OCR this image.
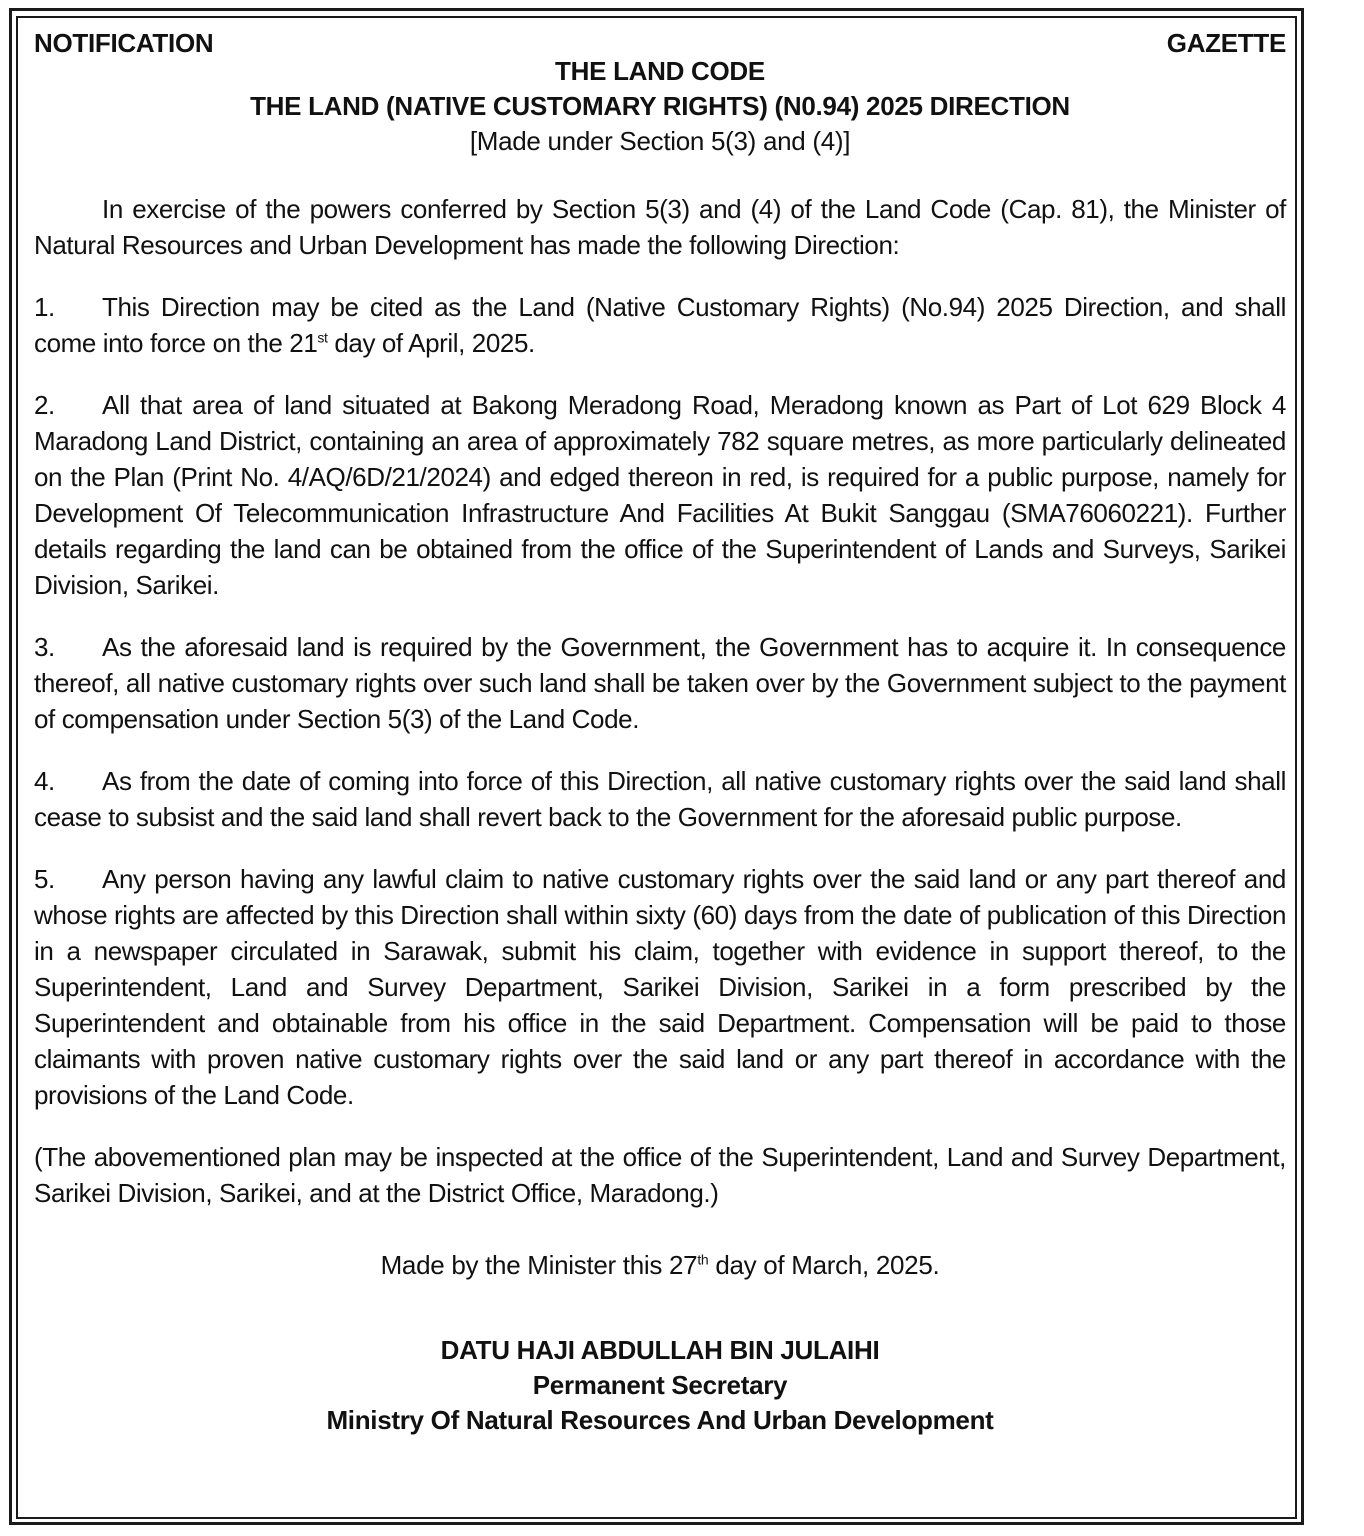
NOTIFICATION	GAZETTE
THE LAND CODE
THE LAND (NATIVE CUSTOMARY RIGHTS) (N0.94) 2025 DIRECTION
[Made under Section 5(3) and (4)]

In exercise of the powers conferred by Section 5(3) and (4) of the Land Code (Cap. 81), the Minister of Natural Resources and Urban Development has made the following Direction:

1. This Direction may be cited as the Land (Native Customary Rights) (No.94) 2025 Direction, and shall come into force on the 21st day of April, 2025.

2. All that area of land situated at Bakong Meradong Road, Meradong known as Part of Lot 629 Block 4 Maradong Land District, containing an area of approximately 782 square metres, as more particularly delineated on the Plan (Print No. 4/AQ/6D/21/2024) and edged thereon in red, is required for a public purpose, namely for Development Of Telecommunication Infrastructure And Facilities At Bukit Sanggau (SMA76060221). Further details regarding the land can be obtained from the office of the Superintendent of Lands and Surveys, Sarikei Division, Sarikei.

3. As the aforesaid land is required by the Government, the Government has to acquire it. In consequence thereof, all native customary rights over such land shall be taken over by the Government subject to the payment of compensation under Section 5(3) of the Land Code.

4. As from the date of coming into force of this Direction, all native customary rights over the said land shall cease to subsist and the said land shall revert back to the Government for the aforesaid public purpose.

5. Any person having any lawful claim to native customary rights over the said land or any part thereof and whose rights are affected by this Direction shall within sixty (60) days from the date of publication of this Direction in a newspaper circulated in Sarawak, submit his claim, together with evidence in support thereof, to the Superintendent, Land and Survey Department, Sarikei Division, Sarikei in a form prescribed by the Superintendent and obtainable from his office in the said Department. Compensation will be paid to those claimants with proven native customary rights over the said land or any part thereof in accordance with the provisions of the Land Code.

(The abovementioned plan may be inspected at the office of the Superintendent, Land and Survey Department, Sarikei Division, Sarikei, and at the District Office, Maradong.)

Made by the Minister this 27th day of March, 2025.
DATU HAJI ABDULLAH BIN JULAIHI
Permanent Secretary
Ministry Of Natural Resources And Urban Development
